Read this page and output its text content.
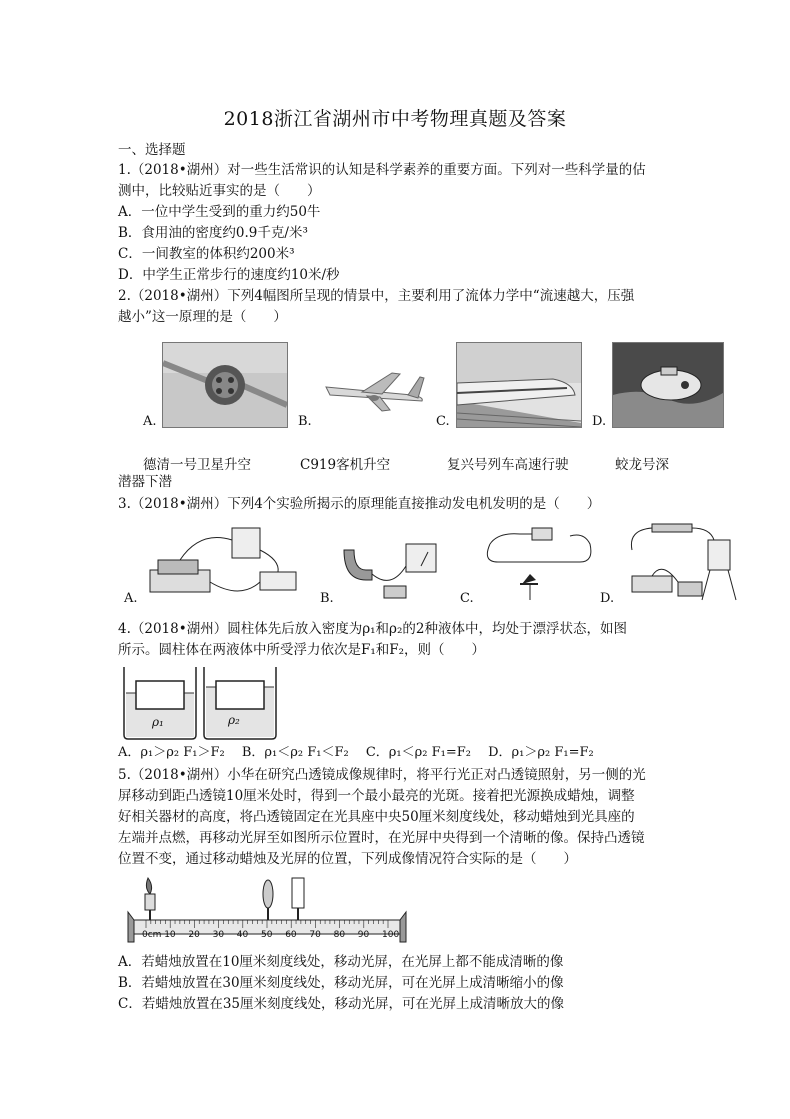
2018浙江省湖州市中考物理真题及答案
一、选择题
1.（2018•湖州）对一些生活常识的认知是科学素养的重要方面。下列对一些科学量的估
测中，比较贴近事实的是（　　）
A．一位中学生受到的重力约50牛
B．食用油的密度约0.9千克/米³
C．一间教室的体积约200米³
D．中学生正常步行的速度约10米/秒
2.（2018•湖州）下列4幅图所呈现的情景中，主要利用了流体力学中“流速越大，压强
越小”这一原理的是（　　）
A.	B.	C.	D.
德清一号卫星升空	C919客机升空	复兴号列车高速行驶	蛟龙号深
潜器下潜
3.（2018•湖州）下列4个实验所揭示的原理能直接推动发电机发明的是（　　）
A.	B.	C.	D.
4.（2018•湖州）圆柱体先后放入密度为ρ₁和ρ₂的2种液体中，均处于漂浮状态，如图
所示。圆柱体在两液体中所受浮力依次是F₁和F₂，则（　　）
ρ₁	ρ₂
A．ρ₁＞ρ₂ F₁＞F₂　 B．ρ₁＜ρ₂ F₁＜F₂　 C．ρ₁＜ρ₂ F₁=F₂　 D．ρ₁＞ρ₂ F₁=F₂
5.（2018•湖州）小华在研究凸透镜成像规律时，将平行光正对凸透镜照射，另一侧的光
屏移动到距凸透镜10厘米处时，得到一个最小最亮的光斑。接着把光源换成蜡烛，调整
好相关器材的高度，将凸透镜固定在光具座中央50厘米刻度线处，移动蜡烛到光具座的
左端并点燃，再移动光屏至如图所示位置时，在光屏中央得到一个清晰的像。保持凸透镜
位置不变，通过移动蜡烛及光屏的位置，下列成像情况符合实际的是（　　）
0cm 10 20 30 40 50 60 70 80 90 100
A．若蜡烛放置在10厘米刻度线处，移动光屏，在光屏上都不能成清晰的像
B．若蜡烛放置在30厘米刻度线处，移动光屏，可在光屏上成清晰缩小的像
C．若蜡烛放置在35厘米刻度线处，移动光屏，可在光屏上成清晰放大的像
